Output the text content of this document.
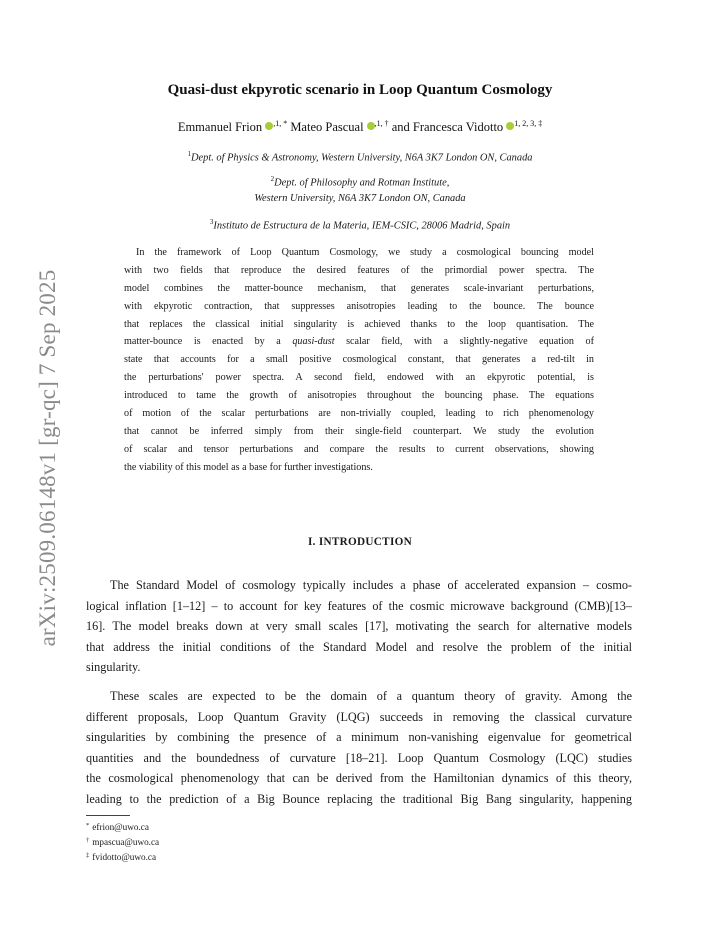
arXiv:2509.06148v1 [gr-qc] 7 Sep 2025
Quasi-dust ekpyrotic scenario in Loop Quantum Cosmology
Emmanuel Frion $^{,1, *}$ Mateo Pascual $^{,1, \dagger}$ and Francesca Vidotto $^{1, 2, 3, \ddagger}$
$^1$Dept. of Physics & Astronomy, Western University, N6A 3K7 London ON, Canada
$^2$Dept. of Philosophy and Rotman Institute,
Western University, N6A 3K7 London ON, Canada
$^3$Instituto de Estructura de la Materia, IEM-CSIC, 28006 Madrid, Spain
In the framework of Loop Quantum Cosmology, we study a cosmological bouncing model
with two fields that reproduce the desired features of the primordial power spectra. The
model combines the matter-bounce mechanism, that generates scale-invariant perturbations,
with ekpyrotic contraction, that suppresses anisotropies leading to the bounce. The bounce
that replaces the classical initial singularity is achieved thanks to the loop quantisation. The
matter-bounce is enacted by a quasi-dust scalar field, with a slightly-negative equation of
state that accounts for a small positive cosmological constant, that generates a red-tilt in
the perturbations' power spectra. A second field, endowed with an ekpyrotic potential, is
introduced to tame the growth of anisotropies throughout the bouncing phase. The equations
of motion of the scalar perturbations are non-trivially coupled, leading to rich phenomenology
that cannot be inferred simply from their single-field counterpart. We study the evolution
of scalar and tensor perturbations and compare the results to current observations, showing
the viability of this model as a base for further investigations.
I. INTRODUCTION
The Standard Model of cosmology typically includes a phase of accelerated expansion – cosmo-
logical inflation [1–12] – to account for key features of the cosmic microwave background (CMB)[13–
16]. The model breaks down at very small scales [17], motivating the search for alternative models
that address the initial conditions of the Standard Model and resolve the problem of the initial
singularity.
These scales are expected to be the domain of a quantum theory of gravity. Among the
different proposals, Loop Quantum Gravity (LQG) succeeds in removing the classical curvature
singularities by combining the presence of a minimum non-vanishing eigenvalue for geometrical
quantities and the boundedness of curvature [18–21]. Loop Quantum Cosmology (LQC) studies
the cosmological phenomenology that can be derived from the Hamiltonian dynamics of this theory,
leading to the prediction of a Big Bounce replacing the traditional Big Bang singularity, happening
* efrion@uwo.ca
† mpascua@uwo.ca
‡ fvidotto@uwo.ca
